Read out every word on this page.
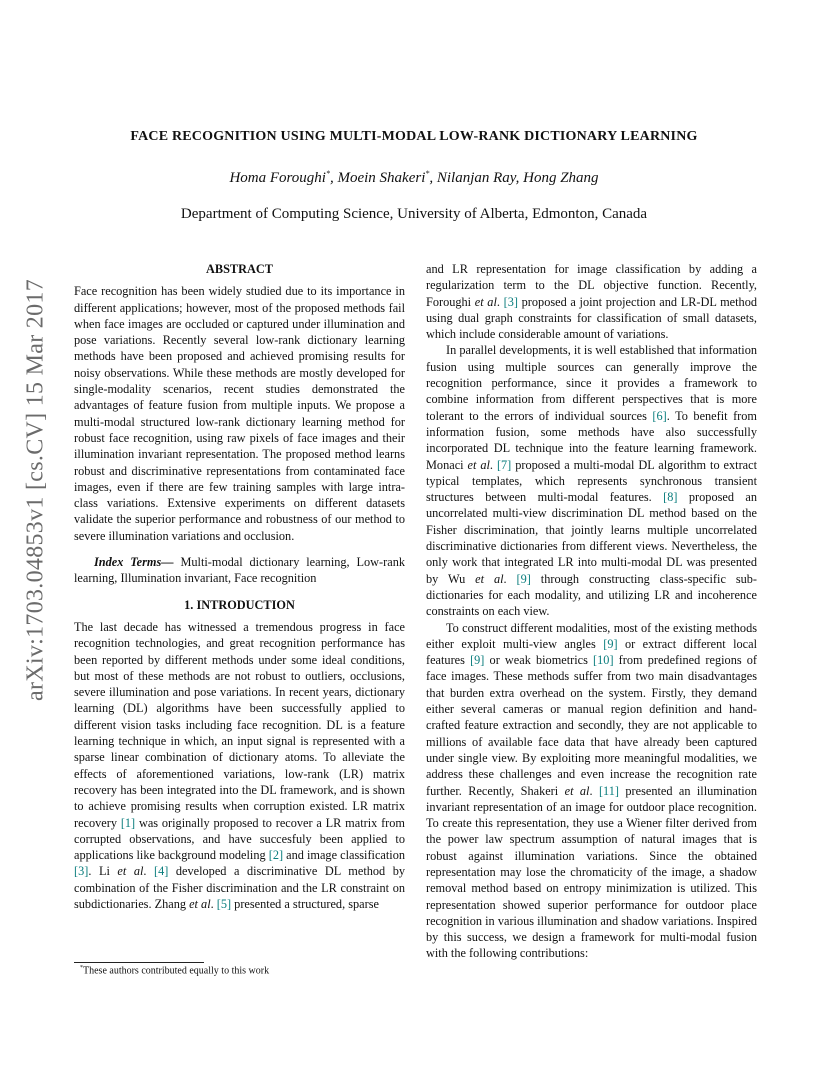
arXiv:1703.04853v1 [cs.CV] 15 Mar 2017
FACE RECOGNITION USING MULTI-MODAL LOW-RANK DICTIONARY LEARNING
Homa Foroughi*, Moein Shakeri*, Nilanjan Ray, Hong Zhang
Department of Computing Science, University of Alberta, Edmonton, Canada
ABSTRACT

Face recognition has been widely studied due to its importance in different applications; however, most of the proposed methods fail when face images are occluded or captured under illumination and pose variations. Recently several low-rank dictionary learning methods have been proposed and achieved promising results for noisy observations. While these methods are mostly developed for single-modality scenarios, recent studies demonstrated the advantages of feature fusion from multiple inputs. We propose a multi-modal structured low-rank dictionary learning method for robust face recognition, using raw pixels of face images and their illumination invariant representation. The proposed method learns robust and discriminative representations from contaminated face images, even if there are few training samples with large intra-class variations. Extensive experiments on different datasets validate the superior performance and robustness of our method to severe illumination variations and occlusion.

Index Terms— Multi-modal dictionary learning, Low-rank learning, Illumination invariant, Face recognition

1. INTRODUCTION

The last decade has witnessed a tremendous progress in face recognition technologies, and great recognition performance has been reported by different methods under some ideal conditions, but most of these methods are not robust to outliers, occlusions, severe illumination and pose variations. In recent years, dictionary learning (DL) algorithms have been successfully applied to different vision tasks including face recognition. DL is a feature learning technique in which, an input signal is represented with a sparse linear combination of dictionary atoms. To alleviate the effects of aforementioned variations, low-rank (LR) matrix recovery has been integrated into the DL framework, and is shown to achieve promising results when corruption existed. LR matrix recovery [1] was originally proposed to recover a LR matrix from corrupted observations, and have succesfuly been applied to applications like background modeling [2] and image classification [3]. Li et al. [4] developed a discriminative DL method by combination of the Fisher discrimination and the LR constraint on subdictionaries. Zhang et al. [5] presented a structured, sparse

and LR representation for image classification by adding a regularization term to the DL objective function. Recently, Foroughi et al. [3] proposed a joint projection and LR-DL method using dual graph constraints for classification of small datasets, which include considerable amount of variations.

In parallel developments, it is well established that information fusion using multiple sources can generally improve the recognition performance, since it provides a framework to combine information from different perspectives that is more tolerant to the errors of individual sources [6]. To benefit from information fusion, some methods have also successfully incorporated DL technique into the feature learning framework. Monaci et al. [7] proposed a multi-modal DL algorithm to extract typical templates, which represents synchronous transient structures between multi-modal features. [8] proposed an uncorrelated multi-view discrimination DL method based on the Fisher discrimination, that jointly learns multiple uncorrelated discriminative dictionaries from different views. Nevertheless, the only work that integrated LR into multi-modal DL was presented by Wu et al. [9] through constructing class-specific sub-dictionaries for each modality, and utilizing LR and incoherence constraints on each view.

To construct different modalities, most of the existing methods either exploit multi-view angles [9] or extract different local features [9] or weak biometrics [10] from predefined regions of face images. These methods suffer from two main disadvantages that burden extra overhead on the system. Firstly, they demand either several cameras or manual region definition and hand-crafted feature extraction and secondly, they are not applicable to millions of available face data that have already been captured under single view. By exploiting more meaningful modalities, we address these challenges and even increase the recognition rate further. Recently, Shakeri et al. [11] presented an illumination invariant representation of an image for outdoor place recognition. To create this representation, they use a Wiener filter derived from the power law spectrum assumption of natural images that is robust against illumination variations. Since the obtained representation may lose the chromaticity of the image, a shadow removal method based on entropy minimization is utilized. This representation showed superior performance for outdoor place recognition in various illumination and shadow variations. Inspired by this success, we design a framework for multi-modal fusion with the following contributions:

*These authors contributed equally to this work
